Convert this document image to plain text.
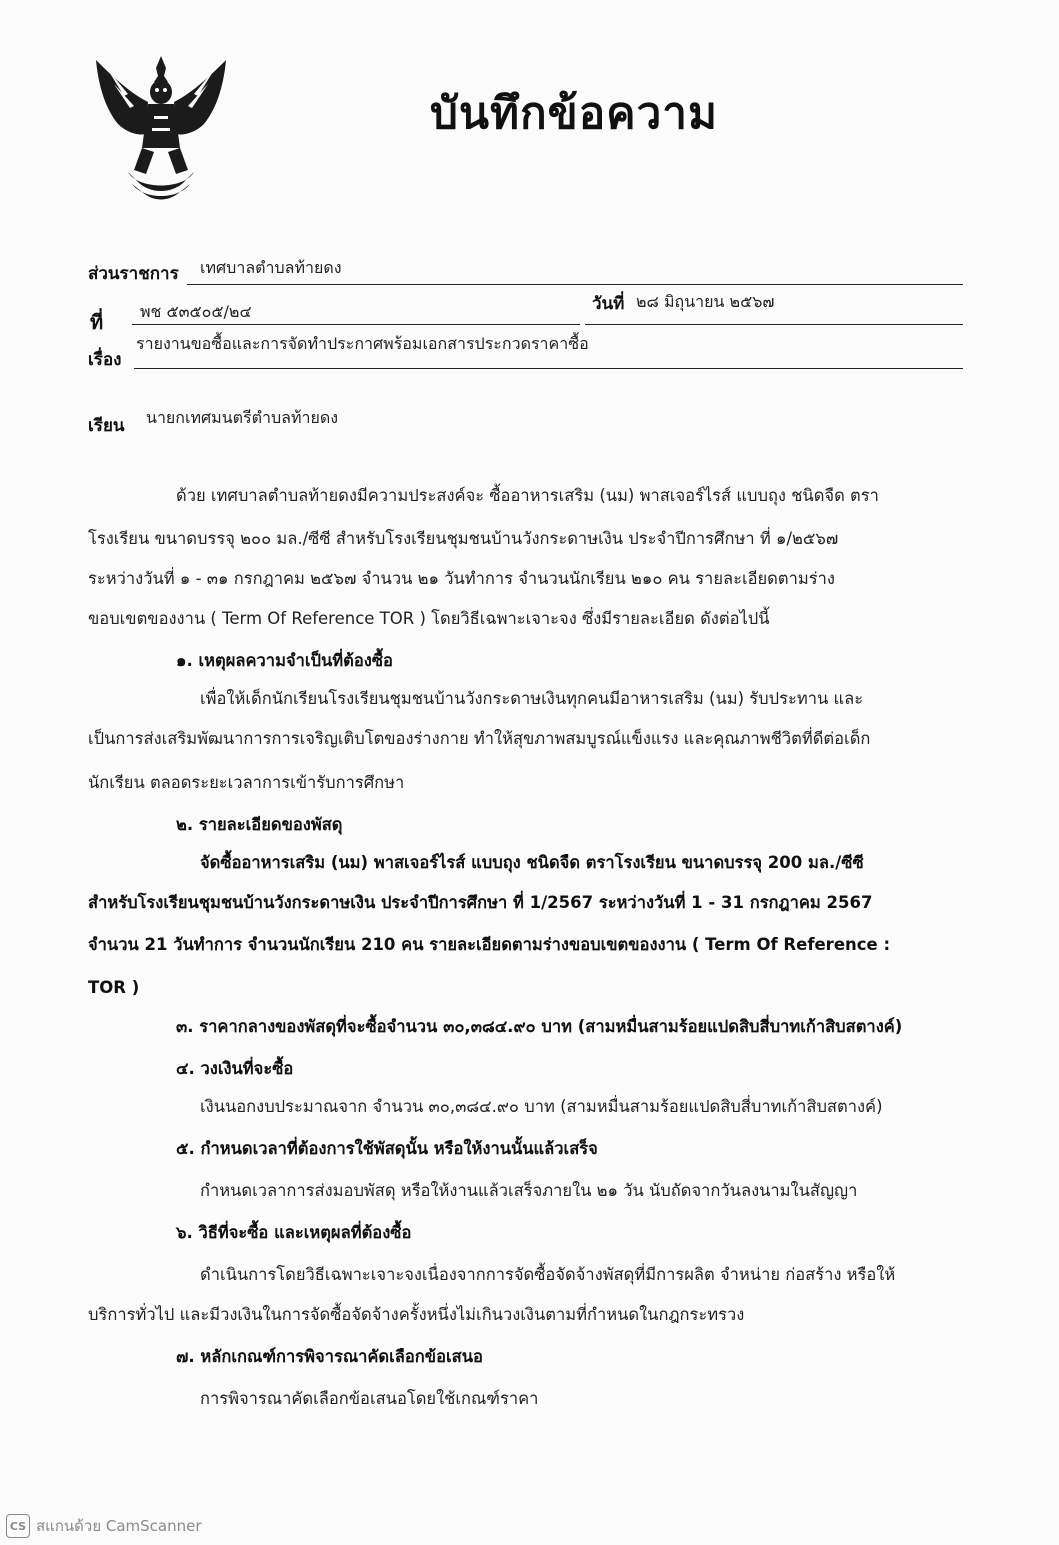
บันทึกข้อความ
ส่วนราชการ เทศบาลตำบลท้ายดง
ที่ พช ๕๓๕๐๕/๒๔	วันที่ ๒๘ มิถุนายน ๒๕๖๗
เรื่อง
รายงานขอซื้อและการจัดทำประกาศพร้อมเอกสารประกวดราคาซื้อ
เรียน นายกเทศมนตรีตำบลท้ายดง
ด้วย เทศบาลตำบลท้ายดงมีความประสงค์จะ ซื้ออาหารเสริม (นม) พาสเจอร์ไรส์ แบบถุง ชนิดจืด ตรา
โรงเรียน ขนาดบรรจุ ๒๐๐ มล./ซีซี สำหรับโรงเรียนชุมชนบ้านวังกระดาษเงิน ประจำปีการศึกษา ที่ ๑/๒๕๖๗
ระหว่างวันที่ ๑ - ๓๑ กรกฎาคม ๒๕๖๗ จำนวน ๒๑ วันทำการ จำนวนนักเรียน ๒๑๐ คน รายละเอียดตามร่าง
ขอบเขตของงาน ( Term Of Reference TOR ) โดยวิธีเฉพาะเจาะจง ซึ่งมีรายละเอียด ดังต่อไปนี้
๑. เหตุผลความจำเป็นที่ต้องซื้อ
เพื่อให้เด็กนักเรียนโรงเรียนชุมชนบ้านวังกระดาษเงินทุกคนมีอาหารเสริม (นม) รับประทาน และ
เป็นการส่งเสริมพัฒนาการการเจริญเติบโตของร่างกาย ทำให้สุขภาพสมบูรณ์แข็งแรง และคุณภาพชีวิตที่ดีต่อเด็ก
นักเรียน ตลอดระยะเวลาการเข้ารับการศึกษา
๒. รายละเอียดของพัสดุ
จัดซื้ออาหารเสริม (นม) พาสเจอร์ไรส์ แบบถุง ชนิดจืด ตราโรงเรียน ขนาดบรรจุ 200 มล./ซีซี
สำหรับโรงเรียนชุมชนบ้านวังกระดาษเงิน ประจำปีการศึกษา ที่ 1/2567 ระหว่างวันที่ 1 - 31 กรกฎาคม 2567
จำนวน 21 วันทำการ จำนวนนักเรียน 210 คน รายละเอียดตามร่างขอบเขตของงาน ( Term Of Reference :
TOR )
๓. ราคากลางของพัสดุที่จะซื้อจำนวน ๓๐,๓๘๔.๙๐ บาท (สามหมื่นสามร้อยแปดสิบสี่บาทเก้าสิบสตางค์)
๔. วงเงินที่จะซื้อ
เงินนอกงบประมาณจาก จำนวน ๓๐,๓๘๔.๙๐ บาท (สามหมื่นสามร้อยแปดสิบสี่บาทเก้าสิบสตางค์)
๕. กำหนดเวลาที่ต้องการใช้พัสดุนั้น หรือให้งานนั้นแล้วเสร็จ
กำหนดเวลาการส่งมอบพัสดุ หรือให้งานแล้วเสร็จภายใน ๒๑ วัน นับถัดจากวันลงนามในสัญญา
๖. วิธีที่จะซื้อ และเหตุผลที่ต้องซื้อ
ดำเนินการโดยวิธีเฉพาะเจาะจงเนื่องจากการจัดซื้อจัดจ้างพัสดุที่มีการผลิต จำหน่าย ก่อสร้าง หรือให้
บริการทั่วไป และมีวงเงินในการจัดซื้อจัดจ้างครั้งหนึ่งไม่เกินวงเงินตามที่กำหนดในกฎกระทรวง
๗. หลักเกณฑ์การพิจารณาคัดเลือกข้อเสนอ
การพิจารณาคัดเลือกข้อเสนอโดยใช้เกณฑ์ราคา
CS สแกนด้วย CamScanner
